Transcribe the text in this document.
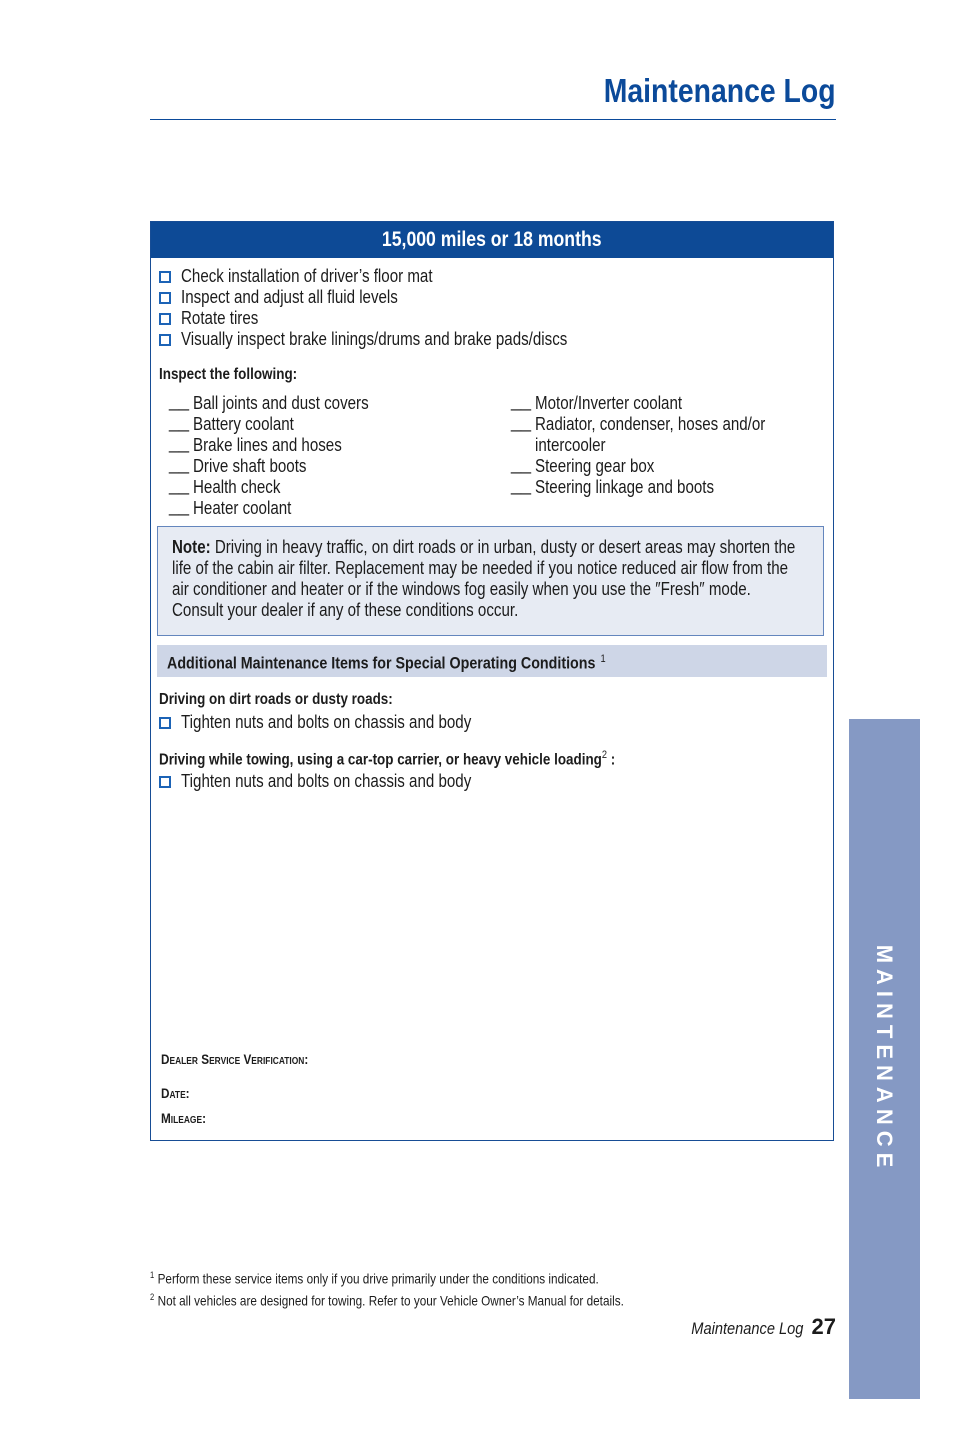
Maintenance Log
15,000 miles or 18 months
Check installation of driver’s floor mat
Inspect and adjust all fluid levels
Rotate tires
Visually inspect brake linings/drums and brake pads/discs
Inspect the following:
__ Ball joints and dust covers
__ Battery coolant
__ Brake lines and hoses
__ Drive shaft boots
__ Health check
__ Heater coolant
__ Motor/Inverter coolant
__ Radiator, condenser, hoses and/or
intercooler
__ Steering gear box
__ Steering linkage and boots
Note: Driving in heavy traffic, on dirt roads or in urban, dusty or desert areas may shorten the life of the cabin air filter. Replacement may be needed if you notice reduced air flow from the air conditioner and heater or if the windows fog easily when you use the ″Fresh″ mode. Consult your dealer if any of these conditions occur.
Additional Maintenance Items for Special Operating Conditions $^1$
Driving on dirt roads or dusty roads:
Tighten nuts and bolts on chassis and body
Driving while towing, using a car-top carrier, or heavy vehicle loading$^2$ :
Tighten nuts and bolts on chassis and body
Dealer Service Verification:
Date:
Mileage:
$^1$ Perform these service items only if you drive primarily under the conditions indicated.
$^2$ Not all vehicles are designed for towing. Refer to your Vehicle Owner’s Manual for details.
Maintenance Log 27
MAINTENANCE
